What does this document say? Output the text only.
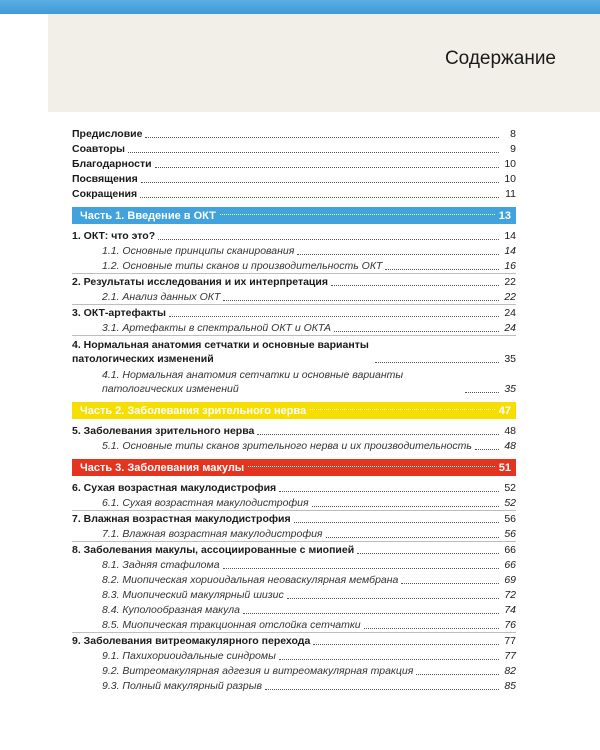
Содержание
Предисловие	8
Соавторы	9
Благодарности	10
Посвящения	10
Сокращения	11
Часть 1. Введение в ОКТ	13
1. ОКТ: что это?	14
1.1. Основные принципы сканирования	14
1.2. Основные типы сканов и производительность ОКТ	16
2. Результаты исследования и их интерпретация	22
2.1. Анализ данных ОКТ	22
3. ОКТ-артефакты	24
3.1. Артефакты в спектральной ОКТ и ОКТА	24
4. Нормальная анатомия сетчатки и основные варианты патологических изменений	35
4.1. Нормальная анатомия сетчатки и основные варианты патологических изменений	35
Часть 2. Заболевания зрительного нерва	47
5. Заболевания зрительного нерва	48
5.1. Основные типы сканов зрительного нерва и их производительность	48
Часть 3. Заболевания макулы	51
6. Сухая возрастная макулодистрофия	52
6.1. Сухая возрастная макулодистрофия	52
7. Влажная возрастная макулодистрофия	56
7.1. Влажная возрастная макулодистрофия	56
8. Заболевания макулы, ассоциированные с миопией	66
8.1. Задняя стафилома	66
8.2. Миопическая хориоидальная неоваскулярная мембрана	69
8.3. Миопический макулярный шизис	72
8.4. Куполообразная макула	74
8.5. Миопическая тракционная отслойка сетчатки	76
9. Заболевания витреомакулярного перехода	77
9.1. Пахихориоидальные синдромы	77
9.2. Витреомакулярная адгезия и витреомакулярная тракция	82
9.3. Полный макулярный разрыв	85
